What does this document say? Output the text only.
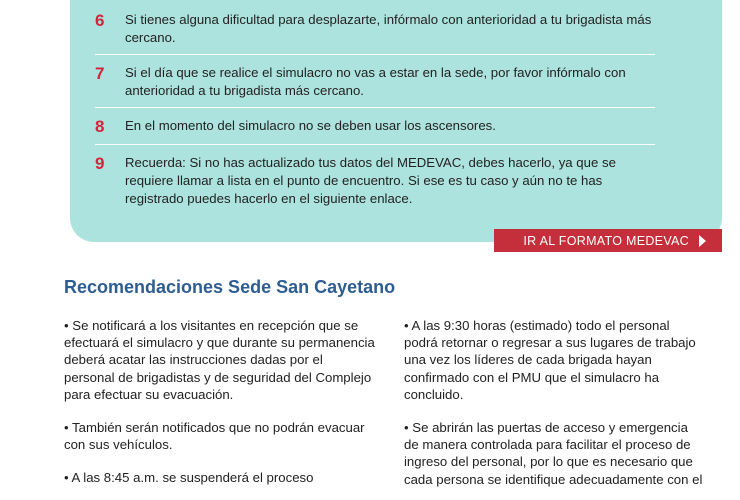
6	Si tienes alguna dificultad para desplazarte, infórmalo con anterioridad a tu brigadista más cercano.
7	Si el día que se realice el simulacro no vas a estar en la sede, por favor infórmalo con anterioridad a tu brigadista más cercano.
8	En el momento del simulacro no se deben usar los ascensores.
9	Recuerda: Si no has actualizado tus datos del MEDEVAC, debes hacerlo, ya que se requiere llamar a lista en el punto de encuentro. Si ese es tu caso y aún no te has registrado puedes hacerlo en el siguiente enlace.
IR AL FORMATO MEDEVAC
Recomendaciones Sede San Cayetano

• Se notificará a los visitantes en recepción que se efectuará el simulacro y que durante su permanencia deberá acatar las instrucciones dadas por el personal de brigadistas y de seguridad del Complejo para efectuar su evacuación.

• También serán notificados que no podrán evacuar con sus vehículos.

• A las 8:45 a.m. se suspenderá el proceso

• A las 9:30 horas (estimado) todo el personal podrá retornar o regresar a sus lugares de trabajo una vez los líderes de cada brigada hayan confirmado con el PMU que el simulacro ha concluido.

• Se abrirán las puertas de acceso y emergencia de manera controlada para facilitar el proceso de ingreso del personal, por lo que es necesario que cada persona se identifique adecuadamente con el
